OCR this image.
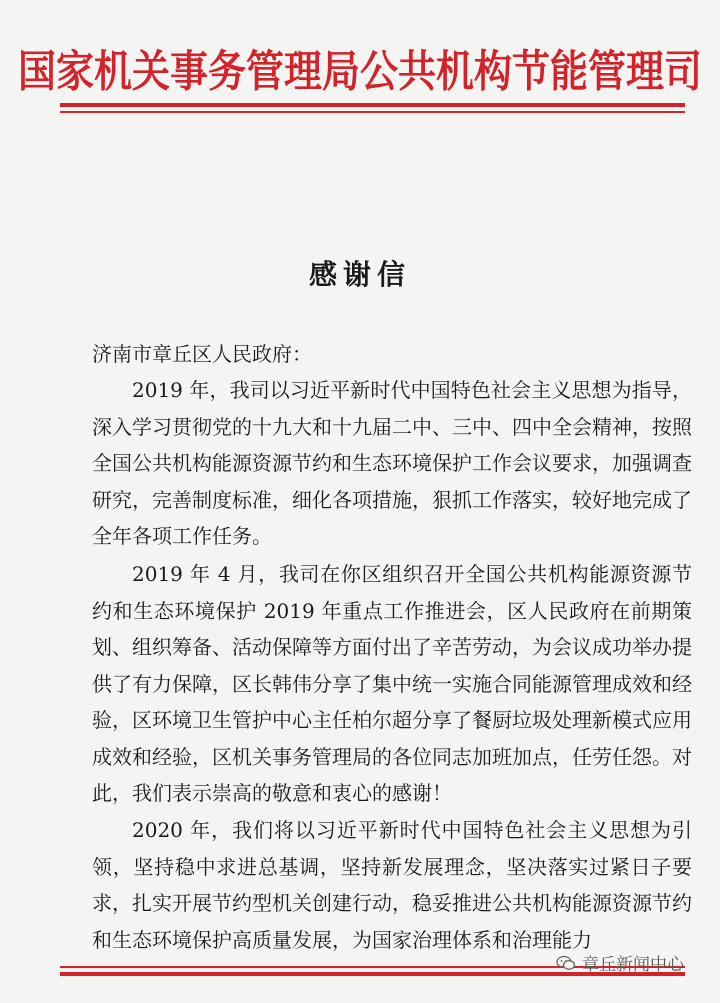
国家机关事务管理局公共机构节能管理司
感谢信
济南市章丘区人民政府：
2019 年，我司以习近平新时代中国特色社会主义思想为指导，深入学习贯彻党的十九大和十九届二中、三中、四中全会精神，按照全国公共机构能源资源节约和生态环境保护工作会议要求，加强调查研究，完善制度标准，细化各项措施，狠抓工作落实，较好地完成了全年各项工作任务。
2019 年 4 月，我司在你区组织召开全国公共机构能源资源节约和生态环境保护 2019 年重点工作推进会，区人民政府在前期策划、组织筹备、活动保障等方面付出了辛苦劳动，为会议成功举办提供了有力保障，区长韩伟分享了集中统一实施合同能源管理成效和经验，区环境卫生管护中心主任柏尔超分享了餐厨垃圾处理新模式应用成效和经验，区机关事务管理局的各位同志加班加点，任劳任怨。对此，我们表示崇高的敬意和衷心的感谢！
2020 年，我们将以习近平新时代中国特色社会主义思想为引领，坚持稳中求进总基调，坚持新发展理念，坚决落实过紧日子要求，扎实开展节约型机关创建行动，稳妥推进公共机构能源资源节约和生态环境保护高质量发展，为国家治理体系和治理能力
章丘新闻中心
